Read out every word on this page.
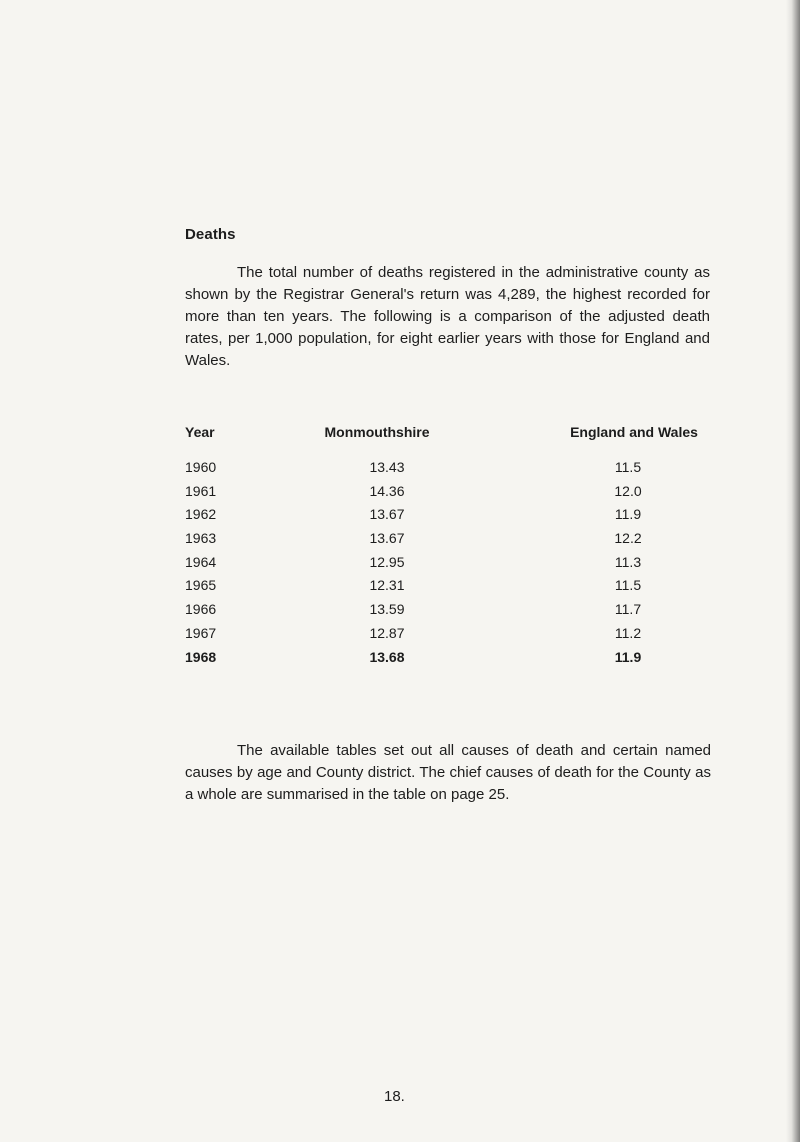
Deaths

The total number of deaths registered in the administrative county as shown by the Registrar General's return was 4,289, the highest recorded for more than ten years. The following is a comparison of the adjusted death rates, per 1,000 population, for eight earlier years with those for England and Wales.

Year	Monmouthshire	England and Wales
1960	13.43	11.5
1961	14.36	12.0
1962	13.67	11.9
1963	13.67	12.2
1964	12.95	11.3
1965	12.31	11.5
1966	13.59	11.7
1967	12.87	11.2
1968	13.68	11.9

The available tables set out all causes of death and certain named causes by age and County district. The chief causes of death for the County as a whole are summarised in the table on page 25.

18.
